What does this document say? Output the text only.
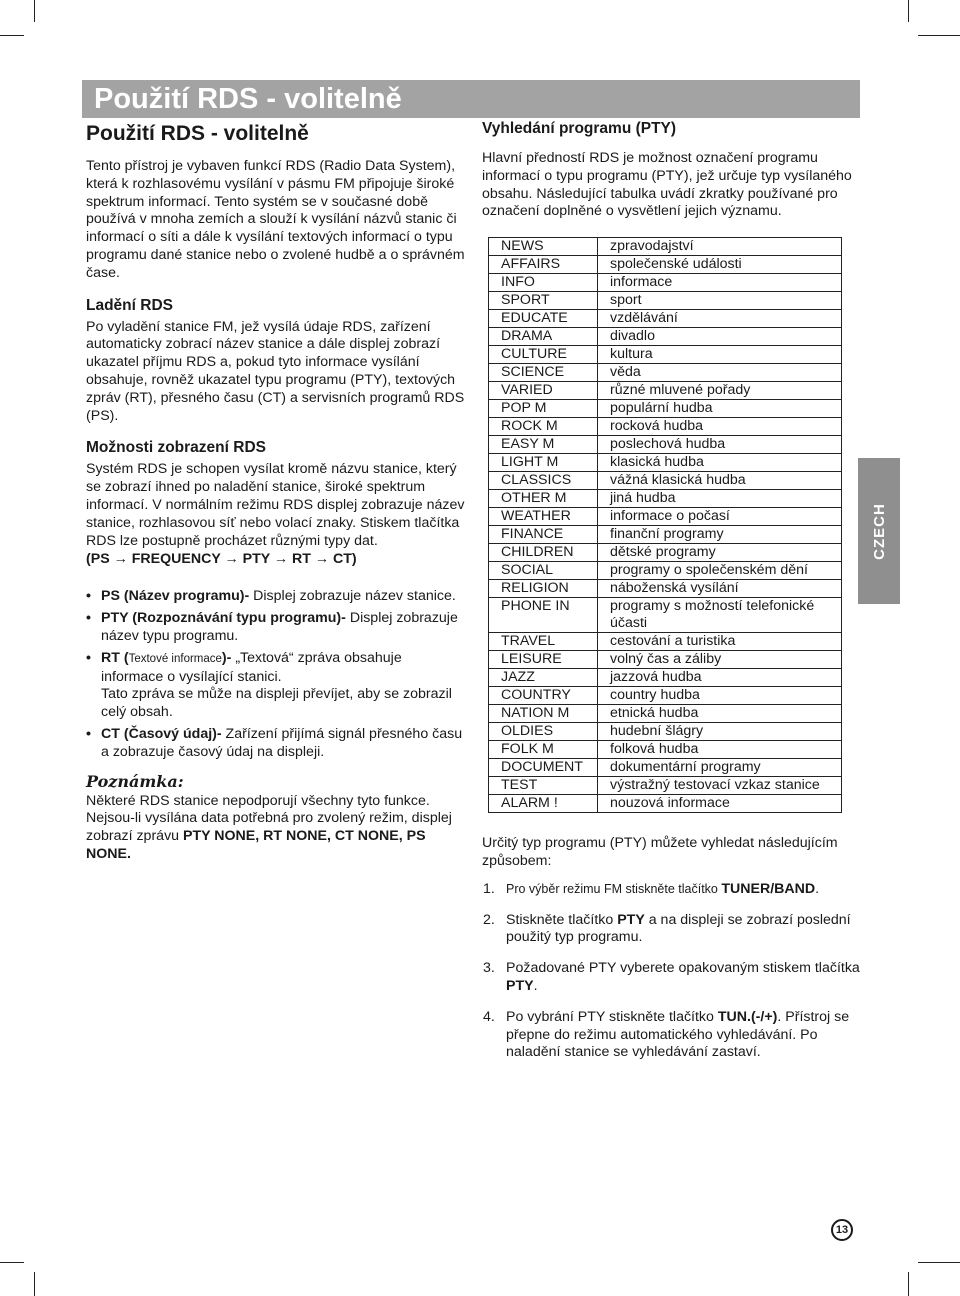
Použití RDS - volitelně
Použití RDS - volitelně

Tento přístroj je vybaven funkcí RDS (Radio Data System), která k rozhlasovému vysílání v pásmu FM připojuje široké spektrum informací. Tento systém se v současné době používá v mnoha zemích a slouží k vysílání názvů stanic či informací o síti a dále k vysílání textových informací o typu programu dané stanice nebo o zvolené hudbě a o správném čase.

Ladění RDS

Po vyladění stanice FM, jež vysílá údaje RDS, zařízení automaticky zobrací název stanice a dále displej zobrazí ukazatel příjmu RDS a, pokud tyto informace vysílání obsahuje, rovněž ukazatel typu programu (PTY), textových zpráv (RT), přesného času (CT) a servisních programů RDS (PS).

Možnosti zobrazení RDS

Systém RDS je schopen vysílat kromě názvu stanice, který se zobrazí ihned po naladění stanice, široké spektrum informací. V normálním režimu RDS displej zobrazuje název stanice, rozhlasovou síť nebo volací znaky. Stiskem tlačítka RDS lze postupně procházet různými typy dat.

(PS → FREQUENCY → PTY → RT → CT)
• PS (Název programu)- Displej zobrazuje název stanice.
• PTY (Rozpoznávání typu programu)- Displej zobrazuje název typu programu.
• RT (Textové informace)- „Textová“ zpráva obsahuje informace o vysílající stanici.
Tato zpráva se může na displeji převíjet, aby se zobrazil celý obsah.
• CT (Časový údaj)- Zařízení přijímá signál přesného času a zobrazuje časový údaj na displeji.
Poznámka:

Některé RDS stanice nepodporují všechny tyto funkce. Nejsou-li vysílána data potřebná pro zvolený režim, displej zobrazí zprávu PTY NONE, RT NONE, CT NONE, PS NONE.

Vyhledání programu (PTY)

Hlavní předností RDS je možnost označení programu informací o typu programu (PTY), jež určuje typ vysílaného obsahu. Následující tabulka uvádí zkratky používané pro označení doplněné o vysvětlení jejich významu.

NEWS	zpravodajství
AFFAIRS	společenské události
INFO	informace
SPORT	sport
EDUCATE	vzdělávání
DRAMA	divadlo
CULTURE	kultura
SCIENCE	věda
VARIED	různé mluvené pořady
POP M	populární hudba
ROCK M	rocková hudba
EASY M	poslechová hudba
LIGHT M	klasická hudba
CLASSICS	vážná klasická hudba
OTHER M	jiná hudba
WEATHER	informace o počasí
FINANCE	finanční programy
CHILDREN	dětské programy
SOCIAL	programy o společenském dění
RELIGION	náboženská vysílání
PHONE IN	programy s možností telefonické účasti
TRAVEL	cestování a turistika
LEISURE	volný čas a záliby
JAZZ	jazzová hudba
COUNTRY	country hudba
NATION M	etnická hudba
OLDIES	hudební šlágry
FOLK M	folková hudba
DOCUMENT	dokumentární programy
TEST	výstražný testovací vzkaz stanice
ALARM !	nouzová informace

Určitý typ programu (PTY) můžete vyhledat následujícím způsobem:

1. Pro výběr režimu FM stiskněte tlačítko TUNER/BAND.
2. Stiskněte tlačítko PTY a na displeji se zobrazí poslední použitý typ programu.
3. Požadované PTY vyberete opakovaným stiskem tlačítka PTY.
4. Po vybrání PTY stiskněte tlačítko TUN.(-/+). Přístroj se přepne do režimu automatického vyhledávání. Po naladění stanice se vyhledávání zastaví.
CZECH
13
